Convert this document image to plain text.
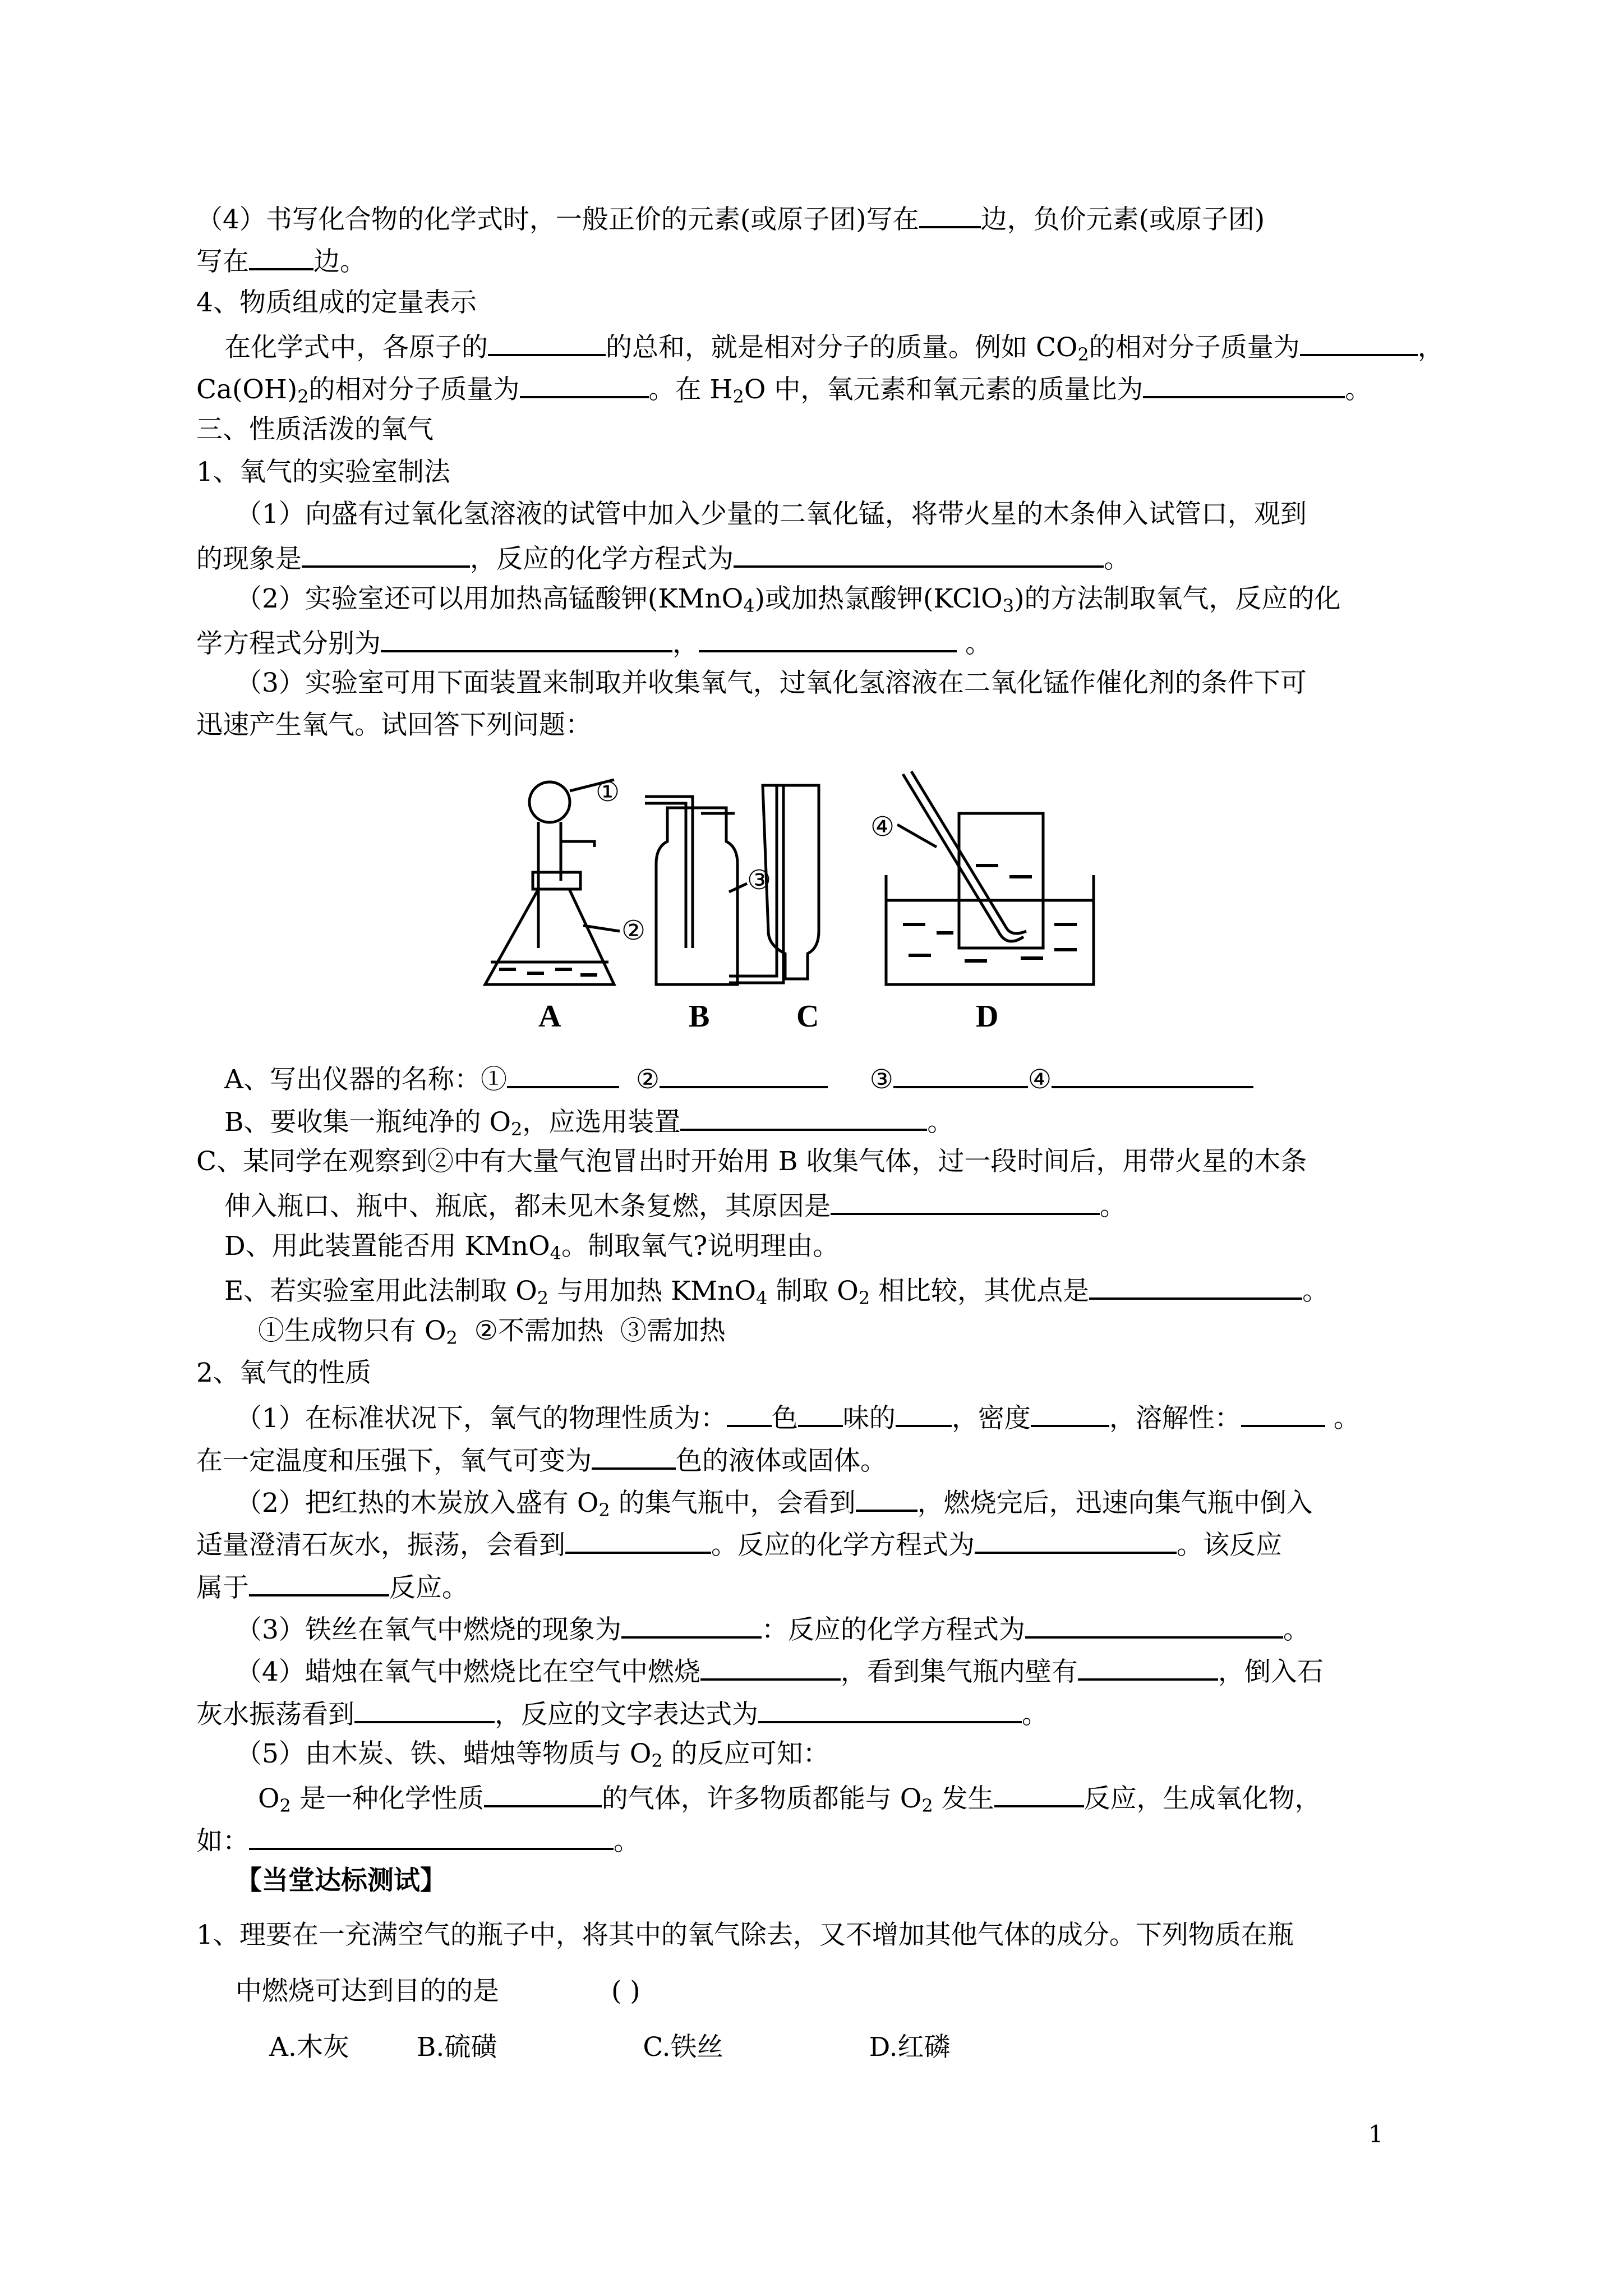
（4）书写化合物的化学式时，一般正价的元素(或原子团)写在 边，负价元素(或原子团)
写在 边。
4、物质组成的定量表示
在化学式中，各原子的	的总和，就是相对分子的质量。例如 $CO_2$的相对分子质量为	，
$Ca(OH)_2$的相对分子质量为	。在 $H_2O$ 中，氧元素和氧元素的质量比为	。
三、性质活泼的氧气
1、氧气的实验室制法
（1）向盛有过氧化氢溶液的试管中加入少量的二氧化锰，将带火星的木条伸入试管口，观到
的现象是	，反应的化学方程式为	。
（2）实验室还可以用加热高锰酸钾(KMnO$_4$)或加热氯酸钾(KClO$_3$)的方法制取氧气，反应的化
学方程式分别为	，	。
（3）实验室可用下面装置来制取并收集氧气，过氧化氢溶液在二氧化锰作催化剂的条件下可
迅速产生氧气。试回答下列问题：
①
②
③
④
A	B	C	D
A、写出仪器的名称：①	②	③	④
B、要收集一瓶纯净的 $O_2$，应选用装置	。
C、某同学在观察到②中有大量气泡冒出时开始用 B 收集气体，过一段时间后，用带火星的木条
伸入瓶口、瓶中、瓶底，都未见木条复燃，其原因是	。
D、用此装置能否用 KMnO$_4$。制取氧气?说明理由。
E、若实验室用此法制取 $O_2$ 与用加热 KMnO$_4$ 制取 $O_2$ 相比较，其优点是	。
①生成物只有 $O_2$ ②不需加热 ③需加热
2、氧气的性质
（1）在标准状况下，氧气的物理性质为： 色 味的 ，密度	，溶解性：	。
在一定温度和压强下，氧气可变为	色的液体或固体。
（2）把红热的木炭放入盛有 $O_2$ 的集气瓶中，会看到 ，燃烧完后，迅速向集气瓶中倒入
适量澄清石灰水，振荡，会看到	。反应的化学方程式为	。该反应
属于	反应。
（3）铁丝在氧气中燃烧的现象为	：反应的化学方程式为	。
（4）蜡烛在氧气中燃烧比在空气中燃烧	，看到集气瓶内壁有	，倒入石
灰水振荡看到	，反应的文字表达式为	。
（5）由木炭、铁、蜡烛等物质与 $O_2$ 的反应可知：
$O_2$ 是一种化学性质	的气体，许多物质都能与 $O_2$ 发生	反应，生成氧化物，
如：	。
【当堂达标测试】
1、理要在一充满空气的瓶子中，将其中的氧气除去，又不增加其他气体的成分。下列物质在瓶
中燃烧可达到目的的是	( )
A.木灰	B.硫磺	C.铁丝	D.红磷
1
